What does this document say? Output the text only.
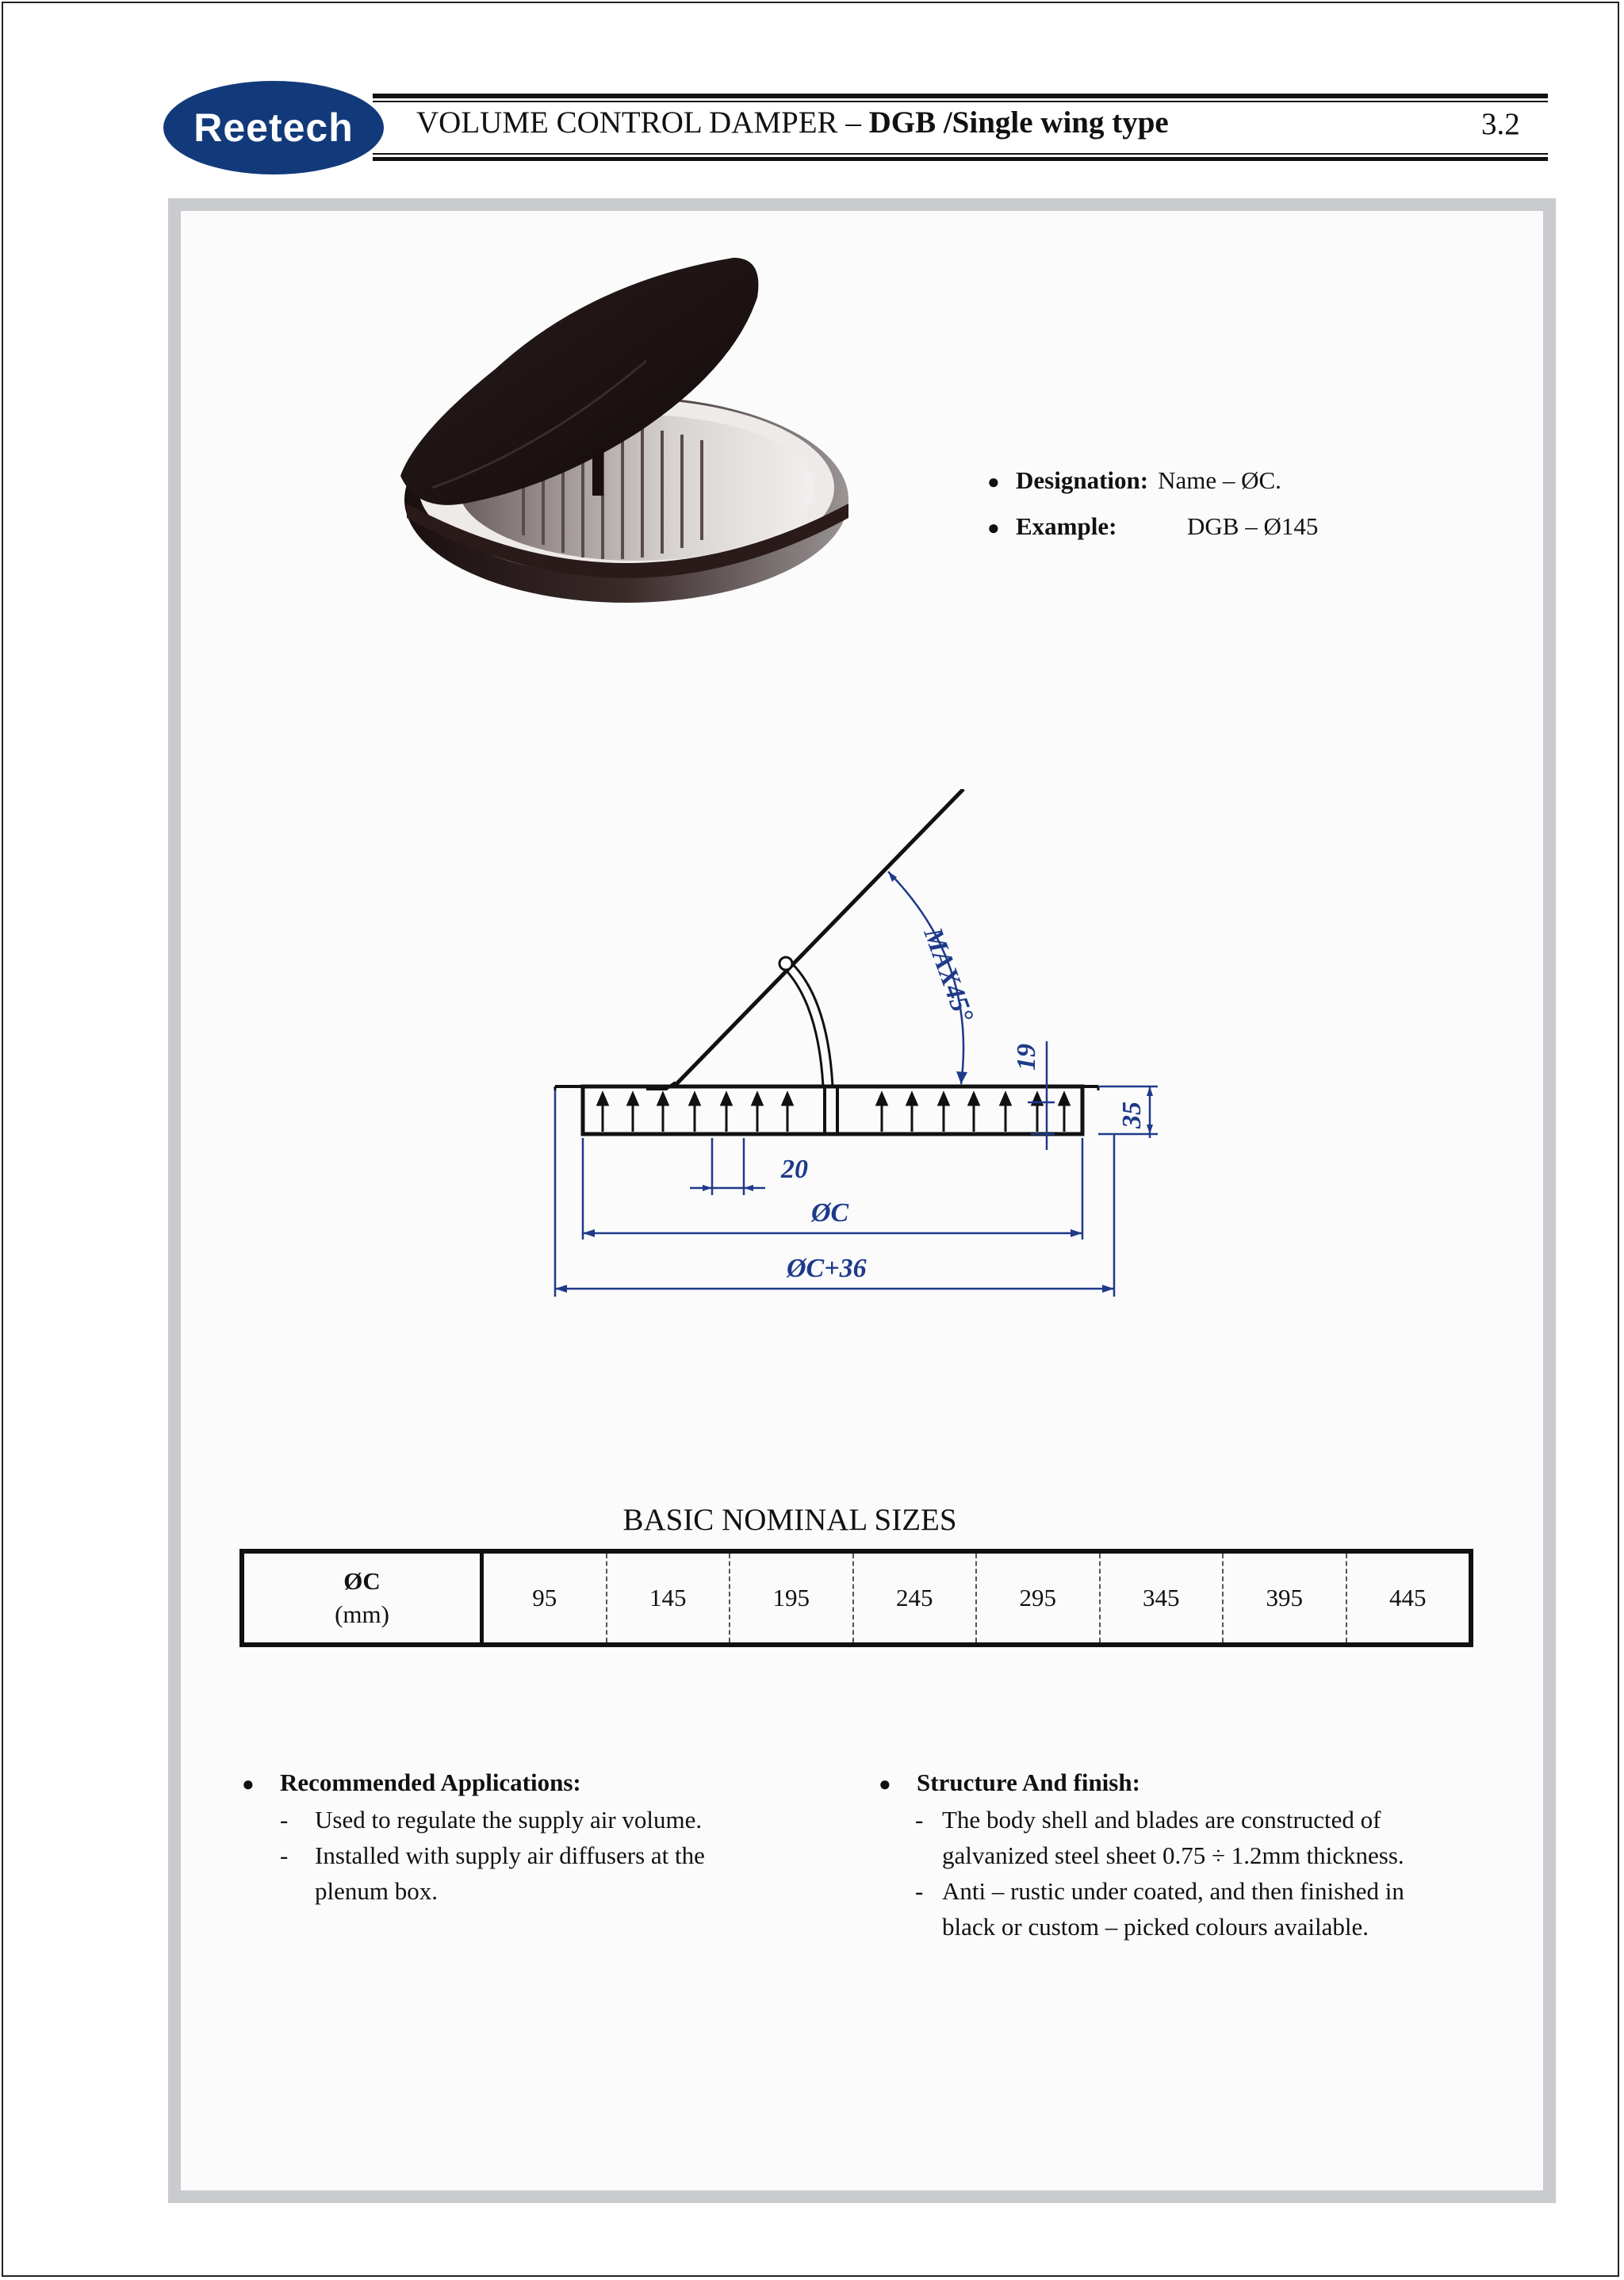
Reetech VOLUME CONTROL DAMPER – DGB /Single wing type	3.2
● Designation: Name – ØC.
● Example:	DGB – Ø145
MAX45°
19
35
20
ØC
ØC+36
BASIC NOMINAL SIZES
ØC
(mm)
95	145	195	245	295	345	395	445
●	Recommended Applications:
- Used to regulate the supply air volume.
- Installed with supply air diffusers at the
plenum box.
●	Structure And finish:
- The body shell and blades are constructed of
galvanized steel sheet 0.75 ÷ 1.2mm thickness.
- Anti – rustic under coated, and then finished in
black or custom – picked colours available.
